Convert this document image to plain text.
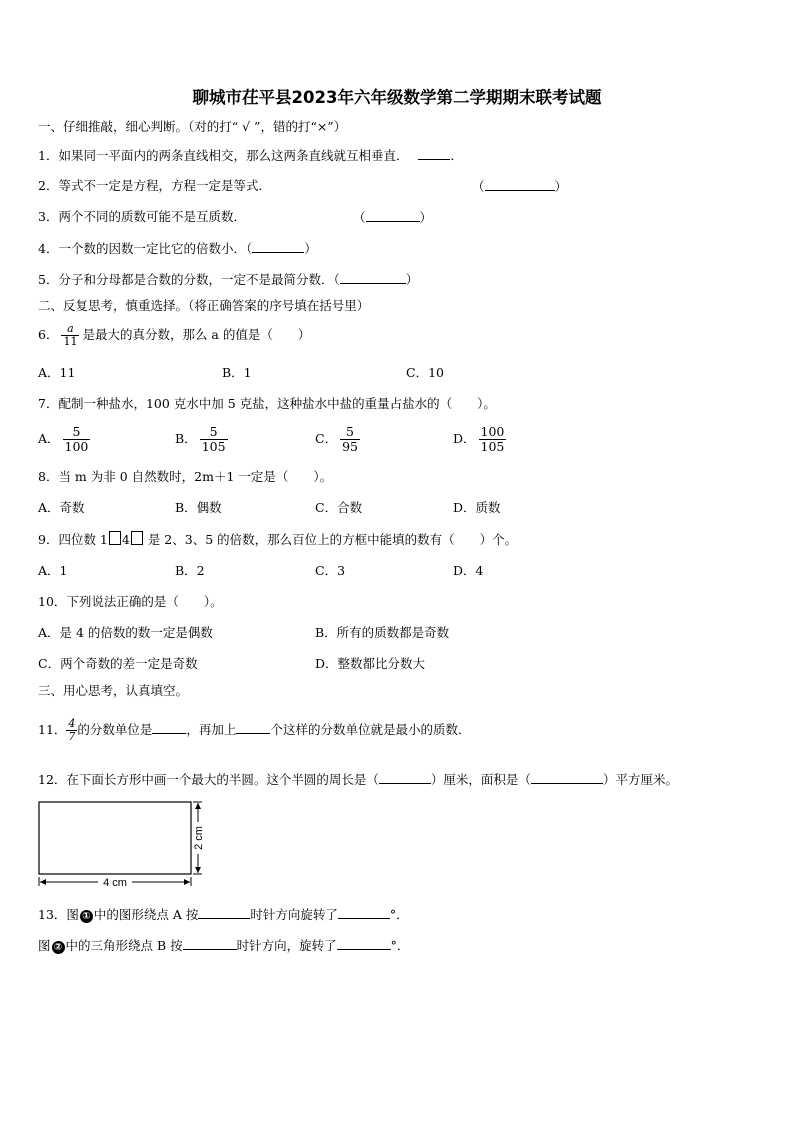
聊城市茌平县2023年六年级数学第二学期期末联考试题
一、仔细推敲，细心判断。（对的打“ √ ”，错的打“×”）
1．如果同一平面内的两条直线相交，那么这两条直线就互相垂直．	．
2．等式不一定是方程，方程一定是等式．	（	）
3．两个不同的质数可能不是互质数．	（	）
4．一个数的因数一定比它的倍数小．（	）
5．分子和分母都是合数的分数，一定不是最简分数．（	）
二、反复思考，慎重选择。（将正确答案的序号填在括号里）
6． $\frac{a}{11}$ 是最大的真分数，那么 a 的值是（　　）
A．11	B．1	C．10
7．配制一种盐水，100 克水中加 5 克盐，这种盐水中盐的重量占盐水的（　　）。
A． $\frac{5}{100}$	B． $\frac{5}{105}$	C． $\frac{5}{95}$	D． $\frac{100}{105}$
8．当 m 为非 0 自然数时，2m＋1 一定是（　　）。
A．奇数	B．偶数	C．合数	D．质数
9．四位数 1 4 是 2、3、5 的倍数，那么百位上的方框中能填的数有（　　）个。
A．1	B．2	C．3	D．4
10．下列说法正确的是（　　）。
A．是 4 的倍数的数一定是偶数	B．所有的质数都是奇数
C．两个奇数的差一定是奇数	D．整数都比分数大
三、用心思考，认真填空。
11． $\frac{4}{7}$ 的分数单位是	，再加上	个这样的分数单位就是最小的质数．
12．在下面长方形中画一个最大的半圆。这个半圆的周长是（	）厘米，面积是（	）平方厘米。
4 cm
2 cm
13．图 ① 中的图形绕点 A 按	时针方向旋转了	°．
图 ② 中的三角形绕点 B 按	时针方向，旋转了	°．
